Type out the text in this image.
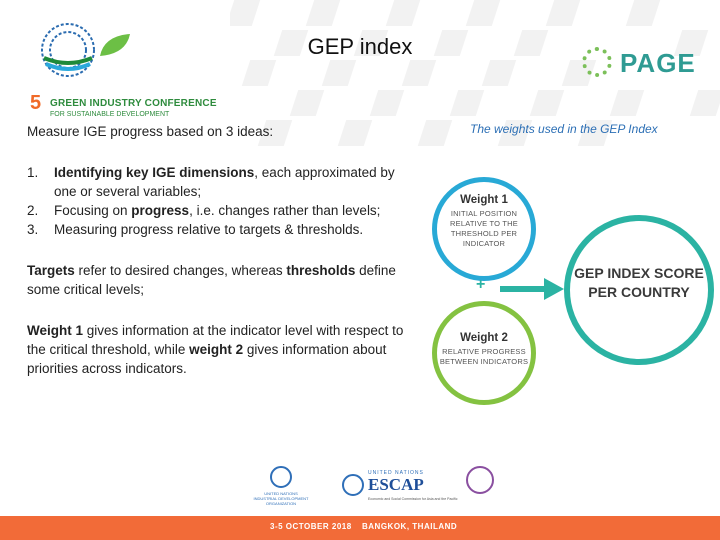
5 GREEN INDUSTRY CONFERENCE
FOR SUSTAINABLE DEVELOPMENT
GEP index
PAGE

Measure IGE progress based on 3 ideas:

1. Identifying key IGE dimensions, each approximated by one or several variables;

2. Focusing on progress, i.e. changes rather than levels;

3. Measuring progress relative to targets & thresholds.

Targets refer to desired changes, whereas thresholds define some critical levels;

Weight 1 gives information at the indicator level with respect to the critical threshold, while weight 2 gives information about priorities across indicators.

The weights used in the GEP Index
Weight 1
INITIAL POSITION RELATIVE TO THE THRESHOLD PER INDICATOR
+
Weight 2
RELATIVE PROGRESS BETWEEN INDICATORS
GEP INDEX SCORE PER COUNTRY
UNITED NATIONS INDUSTRIAL DEVELOPMENT ORGANIZATION
UNITED NATIONS
ESCAP
Economic and Social Commission for Asia and the Pacific
3-5 OCTOBER 2018 BANGKOK, THAILAND
